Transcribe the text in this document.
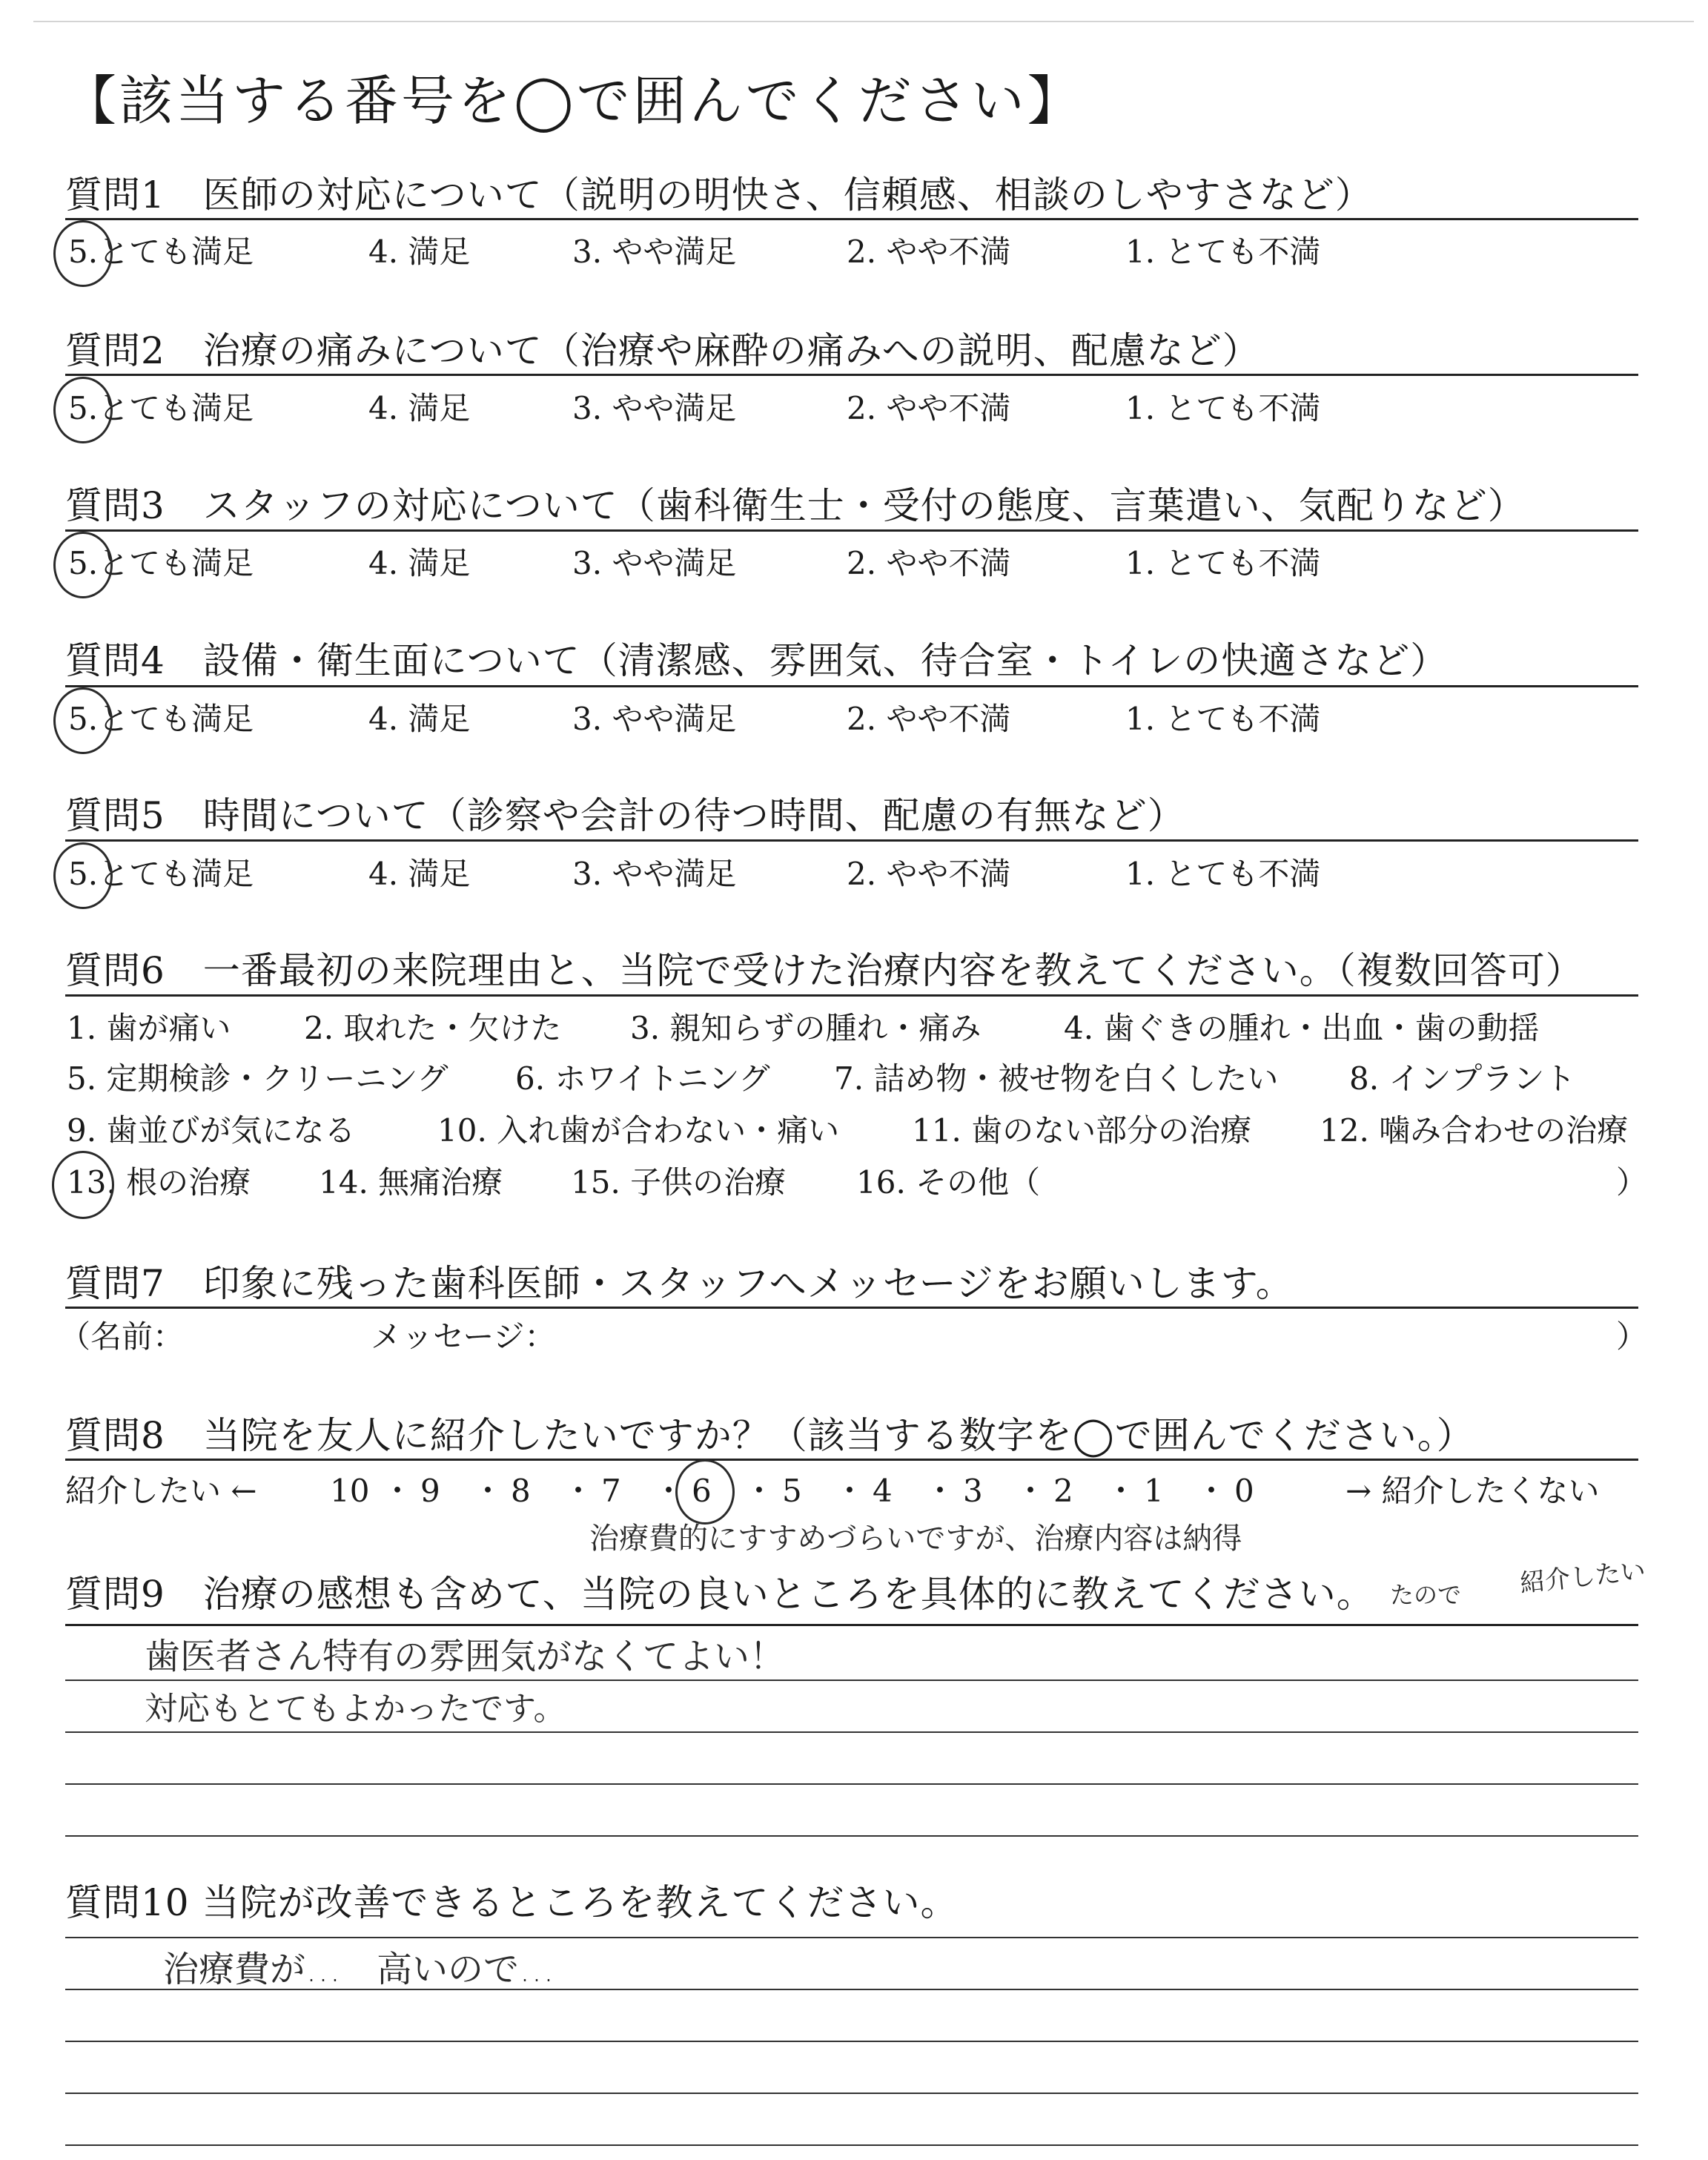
【該当する番号を◯で囲んでください】
質問1　医師の対応について（説明の明快さ、信頼感、相談のしやすさなど）
質問2　治療の痛みについて（治療や麻酔の痛みへの説明、配慮など）
質問3　スタッフの対応について（歯科衛生士・受付の態度、言葉遣い、気配りなど）
質問4　設備・衛生面について（清潔感、雰囲気、待合室・トイレの快適さなど）
質問5　時間について（診察や会計の待つ時間、配慮の有無など）
質問6　一番最初の来院理由と、当院で受けた治療内容を教えてください。（複数回答可）
1. 歯が痛い 2. 取れた・欠けた 3. 親知らずの腫れ・痛み	4. 歯ぐきの腫れ・出血・歯の動揺
5. 定期検診・クリーニング 6. ホワイトニング 7. 詰め物・被せ物を白くしたい 8. インプラント
9. 歯並びが気になる	10. 入れ歯が合わない・痛い 11. 歯のない部分の治療 12. 噛み合わせの治療
13. 根の治療 14. 無痛治療 15. 子供の治療 16. その他（	）
質問7　印象に残った歯科医師・スタッフへメッセージをお願いします。
（名前：	メッセージ：	）
質問8　当院を友人に紹介したいですか？（該当する数字を◯で囲んでください。）
紹介したい ←	→ 紹介したくない
治療費的にすすめづらいですが、治療内容は納得
たので 紹介したい
質問9　治療の感想も含めて、当院の良いところを具体的に教えてください。
歯医者さん特有の雰囲気がなくてよい！
対応もとてもよかったです。
質問10 当院が改善できるところを教えてください。
治療費が…　高いので…
5.とても満足	4. 満足	3. やや満足	2. やや不満	1. とても不満
5.とても満足	4. 満足	3. やや満足	2. やや不満	1. とても不満
5.とても満足	4. 満足	3. やや満足	2. やや不満	1. とても不満
5.とても満足	4. 満足	3. やや満足	2. やや不満	1. とても不満
5.とても満足	4. 満足	3. やや満足	2. やや不満	1. とても不満
10 ・ 9 ・ 8 ・ 7 ・ 6 ・ 5 ・ 4 ・ 3 ・ 2 ・ 1 ・ 0
